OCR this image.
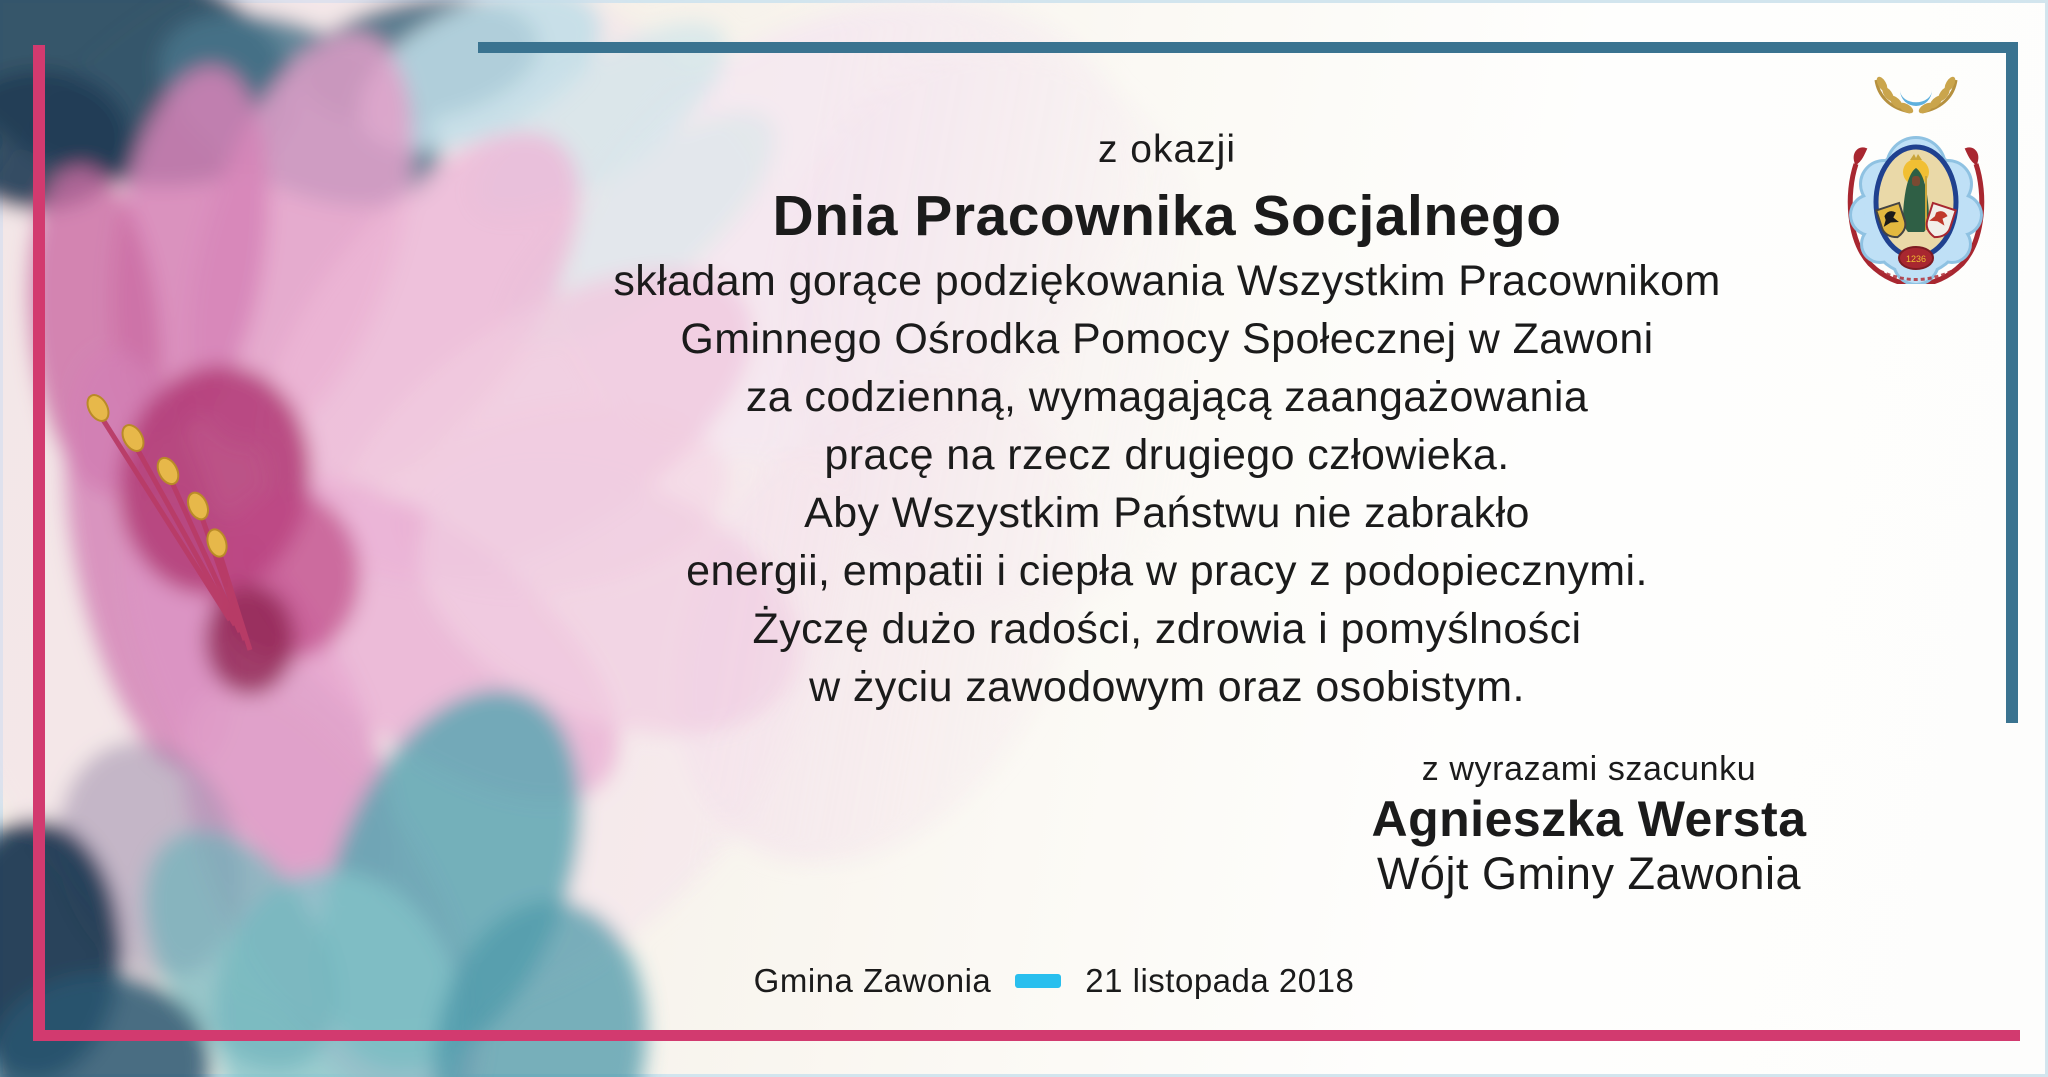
1236
z okazji
Dnia Pracownika Socjalnego
składam gorące podziękowania Wszystkim Pracownikom
Gminnego Ośrodka Pomocy Społecznej w Zawoni
za codzienną, wymagającą zaangażowania
pracę na rzecz drugiego człowieka.
Aby Wszystkim Państwu nie zabrakło
energii, empatii i ciepła w pracy z podopiecznymi.
Życzę dużo radości, zdrowia i pomyślności
w życiu zawodowym oraz osobistym.
z wyrazami szacunku
Agnieszka Wersta
Wójt Gminy Zawonia
Gmina Zawonia	21 listopada 2018
